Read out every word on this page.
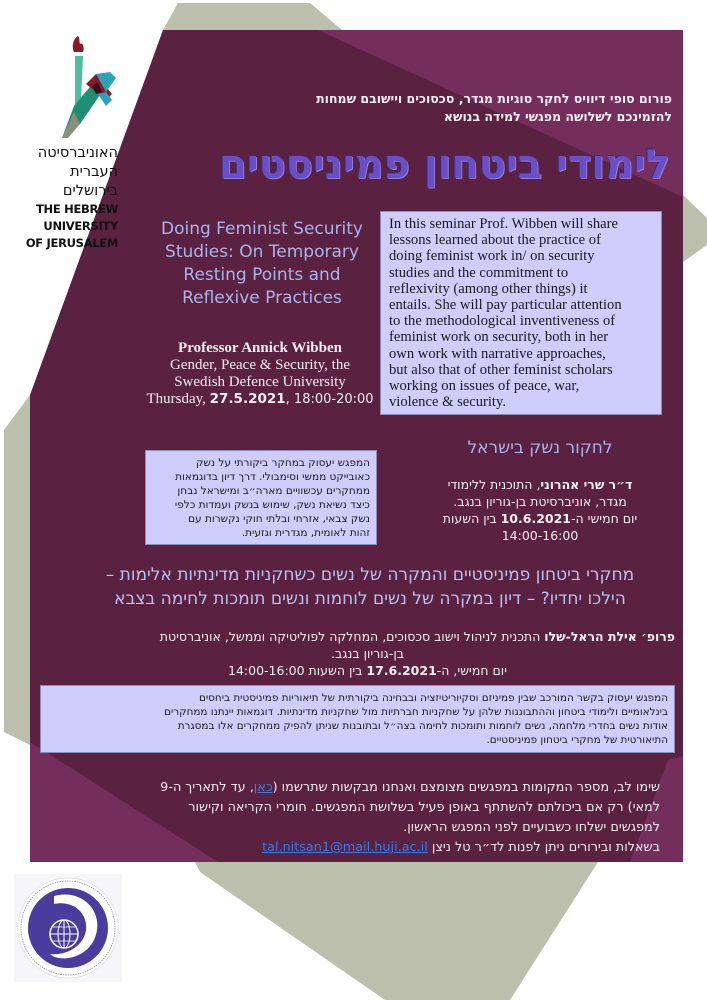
האוניברסיטה
העברית
בירושלים
THE HEBREW
UNIVERSITY
OF JERUSALEM
פורום סופי דיוויס לחקר סוגיות מגדר, סכסוכים ויישובם שמחות
להזמינכם לשלושה מפגשי למידה בנושא
לימודי ביטחון פמיניסטים
Doing Feminist Security
Studies: On Temporary
Resting Points and
Reflexive Practices
Professor Annick Wibben
Gender, Peace & Security, the
Swedish Defence University
Thursday, 27.5.2021, 18:00-20:00
In this seminar Prof. Wibben will share
lessons learned about the practice of
doing feminist work in/ on security
studies and the commitment to
reflexivity (among other things) it
entails. She will pay particular attention
to the methodological inventiveness of
feminist work on security, both in her
own work with narrative approaches,
but also that of other feminist scholars
working on issues of peace, war,
violence & security.
המפגש יעסוק במחקר ביקורתי על נשק
כאובייקט ממשי וסימבולי. דרך דיון בדוגמאות
ממחקרים עכשוויים מארה״ב ומישראל נבחן
כיצד נשיאת נשק, שימוש בנשק ועמדות כלפי
נשק צבאי, אזרחי ובלתי חוקי נקשרות עם
זהות לאומית, מגדרית וגזעית.
לחקור נשק בישראל
ד״ר שרי אהרוני, התוכנית ללימודי
מגדר, אוניברסיטת בן-גוריון בנגב.
יום חמישי ה-10.6.2021 בין השעות
14:00-16:00
מחקרי ביטחון פמיניסטיים והמקרה של נשים כשחקניות מדינתיות אלימות –
הילכו יחדיו? – דיון במקרה של נשים לוחמות ונשים תומכות לחימה בצבא
פרופ׳ אילת הראל-שלו התכנית לניהול וישוב סכסוכים, המחלקה לפוליטיקה וממשל, אוניברסיטת
בן-גוריון בנגב.
יום חמישי, ה-17.6.2021 בין השעות 14:00-16:00
המפגש יעסוק בקשר המורכב שבין פמיניזם וסקיוריטיזציה ובבחינה ביקורתית של תיאוריות פמיניסטית ביחסים
בינלאומיים ולימודי ביטחון וההתבוננות שלהן על שחקניות חברתיות מול שחקניות מדינתיות. דוגמאות יינתנו ממחקרים
אודות נשים בחדרי מלחמה, נשים לוחמות ותומכות לחימה בצה״ל ובתובנות שניתן להפיק ממחקרים אלו במסגרת
התיאורטית של מחקרי ביטחון פמיניסטיים.
שימו לב, מספר המקומות במפגשים מצומצם ואנחנו מבקשות שתרשמו (כאן, עד לתאריך ה-9
למאי) רק אם ביכולתם להשתתף באופן פעיל בשלושת המפגשים. חומרי הקריאה וקישור
למפגשים ישלחו כשבועיים לפני המפגש הראשון.
בשאלות ובירורים ניתן לפנות לד״ר טל ניצן tal.nitsan1@mail.huji.ac.il
